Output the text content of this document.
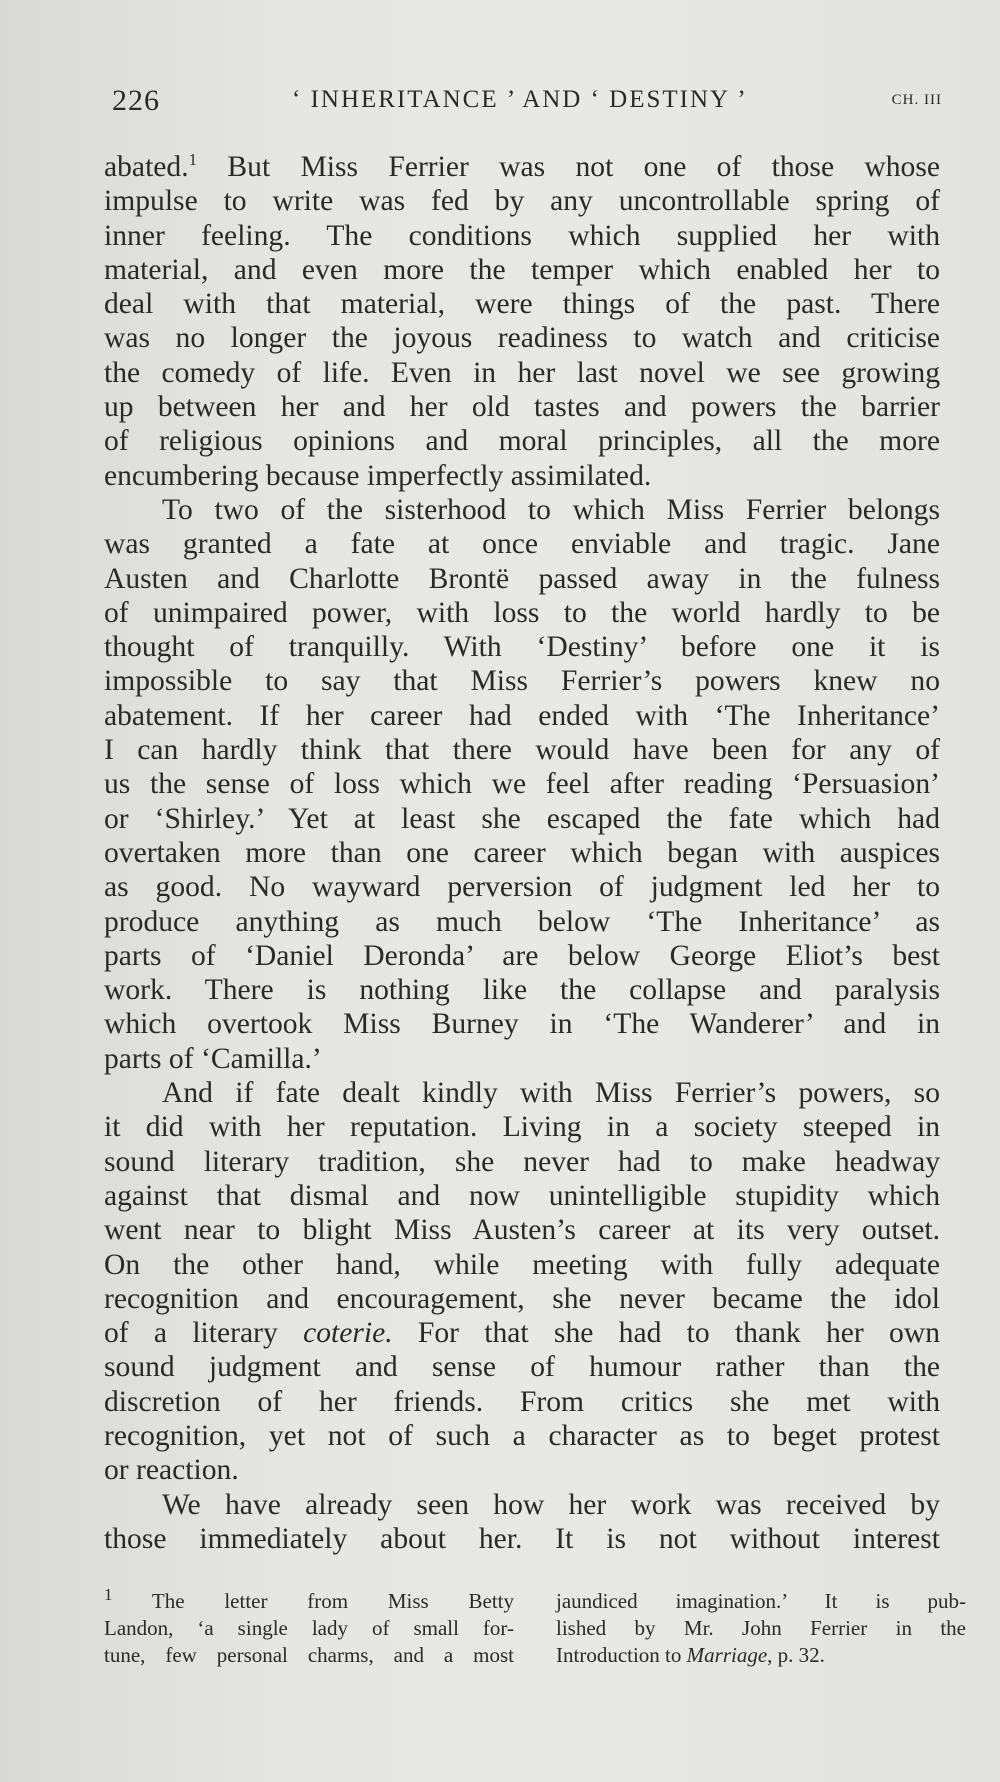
226	‘ INHERITANCE ’ AND ‘ DESTINY ’	CH. III
abated.$^1$ But Miss Ferrier was not one of those whose
impulse to write was fed by any uncontrollable spring of
inner feeling. The conditions which supplied her with
material, and even more the temper which enabled her to
deal with that material, were things of the past. There
was no longer the joyous readiness to watch and criticise
the comedy of life. Even in her last novel we see growing
up between her and her old tastes and powers the barrier
of religious opinions and moral principles, all the more
encumbering because imperfectly assimilated.
To two of the sisterhood to which Miss Ferrier belongs
was granted a fate at once enviable and tragic. Jane
Austen and Charlotte Brontë passed away in the fulness
of unimpaired power, with loss to the world hardly to be
thought of tranquilly. With ‘Destiny’ before one it is
impossible to say that Miss Ferrier’s powers knew no
abatement. If her career had ended with ‘The Inheritance’
I can hardly think that there would have been for any of
us the sense of loss which we feel after reading ‘Persuasion’
or ‘Shirley.’ Yet at least she escaped the fate which had
overtaken more than one career which began with auspices
as good. No wayward perversion of judgment led her to
produce anything as much below ‘The Inheritance’ as
parts of ‘Daniel Deronda’ are below George Eliot’s best
work. There is nothing like the collapse and paralysis
which overtook Miss Burney in ‘The Wanderer’ and in
parts of ‘Camilla.’
And if fate dealt kindly with Miss Ferrier’s powers, so
it did with her reputation. Living in a society steeped in
sound literary tradition, she never had to make headway
against that dismal and now unintelligible stupidity which
went near to blight Miss Austen’s career at its very outset.
On the other hand, while meeting with fully adequate
recognition and encouragement, she never became the idol
of a literary coterie. For that she had to thank her own
sound judgment and sense of humour rather than the
discretion of her friends. From critics she met with
recognition, yet not of such a character as to beget protest
or reaction.
We have already seen how her work was received by
those immediately about her. It is not without interest
$^1$ The letter from Miss Betty
Landon, ‘a single lady of small for-
tune, few personal charms, and a most
jaundiced imagination.’ It is pub-
lished by Mr. John Ferrier in the
Introduction to Marriage, p. 32.
